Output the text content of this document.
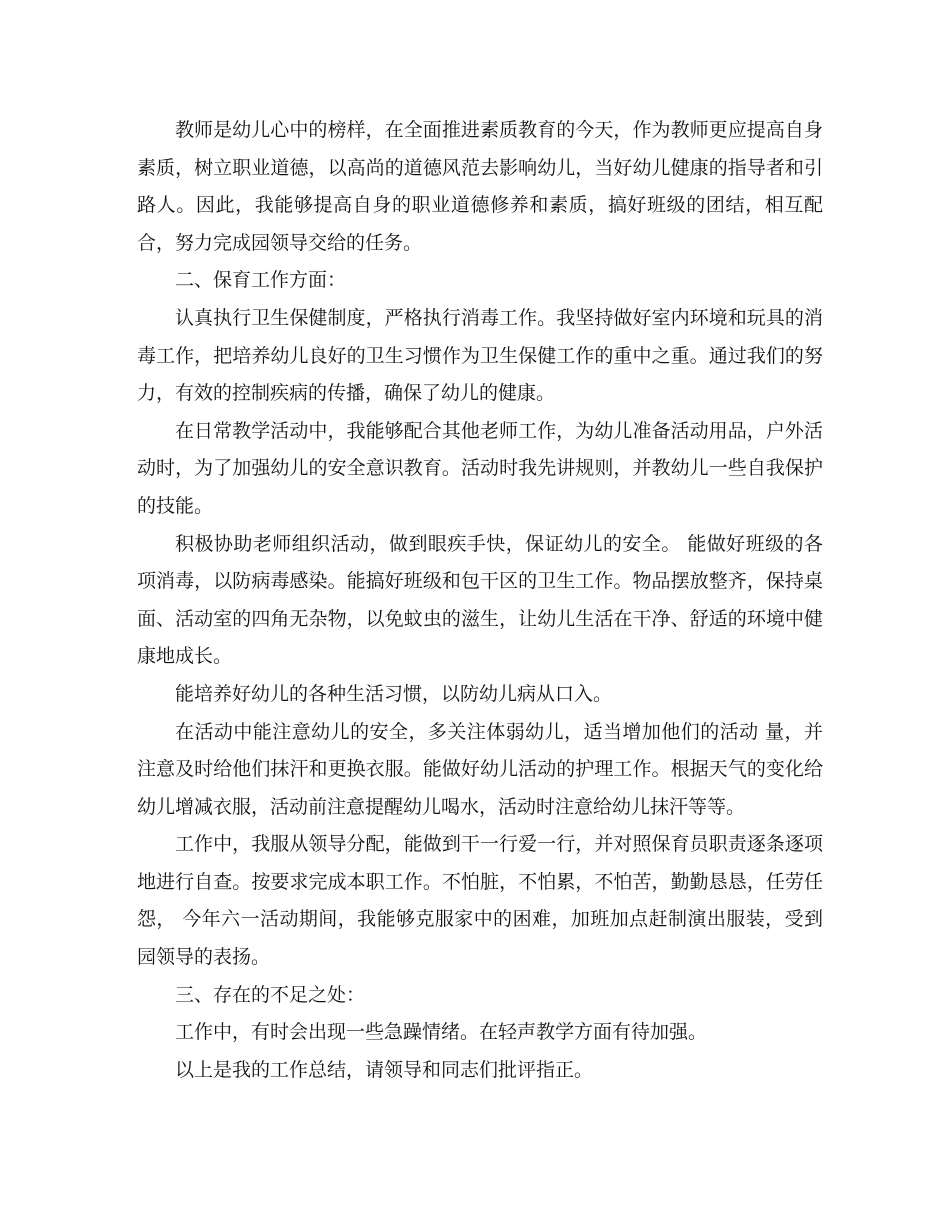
教师是幼儿心中的榜样，在全面推进素质教育的今天，作为教师更应提高自身素质，树立职业道德，以高尚的道德风范去影响幼儿，当好幼儿健康的指导者和引路人。因此，我能够提高自身的职业道德修养和素质，搞好班级的团结，相互配合，努力完成园领导交给的任务。

二、保育工作方面：

认真执行卫生保健制度，严格执行消毒工作。我坚持做好室内环境和玩具的消毒工作，把培养幼儿良好的卫生习惯作为卫生保健工作的重中之重。通过我们的努力，有效的控制疾病的传播，确保了幼儿的健康。

在日常教学活动中，我能够配合其他老师工作，为幼儿准备活动用品，户外活动时，为了加强幼儿的安全意识教育。活动时我先讲规则，并教幼儿一些自我保护的技能。

积极协助老师组织活动，做到眼疾手快，保证幼儿的安全。 能做好班级的各项消毒，以防病毒感染。能搞好班级和包干区的卫生工作。物品摆放整齐，保持桌面、活动室的四角无杂物，以免蚊虫的滋生，让幼儿生活在干净、舒适的环境中健康地成长。

能培养好幼儿的各种生活习惯，以防幼儿病从口入。

在活动中能注意幼儿的安全，多关注体弱幼儿，适当增加他们的活动 量，并注意及时给他们抹汗和更换衣服。能做好幼儿活动的护理工作。根据天气的变化给幼儿增减衣服，活动前注意提醒幼儿喝水，活动时注意给幼儿抹汗等等。

工作中，我服从领导分配，能做到干一行爱一行，并对照保育员职责逐条逐项地进行自查。按要求完成本职工作。不怕脏，不怕累，不怕苦，勤勤恳恳，任劳任怨， 今年六一活动期间，我能够克服家中的困难，加班加点赶制演出服装，受到园领导的表扬。

三、存在的不足之处：

工作中，有时会出现一些急躁情绪。在轻声教学方面有待加强。

以上是我的工作总结，请领导和同志们批评指正。
